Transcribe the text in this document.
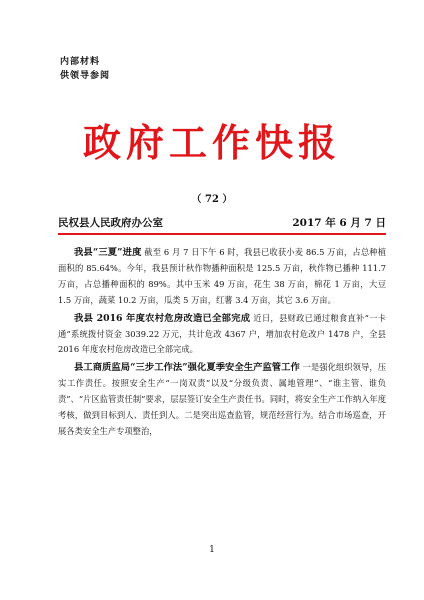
内部材料
供领导参阅
政府工作快报
（ 72 ）
民权县人民政府办公室	2017 年 6 月 7 日

我县“三夏”进度 截至 6 月 7 日下午 6 时，我县已收获小麦 86.5 万亩，占总种植面积的 85.64%。今年，我县预计秋作物播种面积是 125.5 万亩，秋作物已播种 111.7 万亩，占总播种面积的 89%。其中玉米 49 万亩，花生 38 万亩，棉花 1 万亩，大豆 1.5 万亩，蔬菜 10.2 万亩，瓜类 5 万亩，红薯 3.4 万亩，其它 3.6 万亩。

我县 2016 年度农村危房改造已全部完成 近日，县财政已通过粮食直补“一卡通”系统拨付资金 3039.22 万元，共计危改 4367 户，增加农村危改户 1478 户，全县 2016 年度农村危房改造已全部完成。

县工商质监局“三步工作法”强化夏季安全生产监管工作 一是强化组织领导，压实工作责任。按照安全生产“一岗双责”以及“分级负责、属地管理”、“谁主管、谁负责”、“片区监管责任制”要求，层层签订安全生产责任书。同时，将安全生产工作纳入年度考核，做到目标到人、责任到人。二是突出巡查监管，规范经营行为。结合市场巡查，开展各类安全生产专项整治，

1
